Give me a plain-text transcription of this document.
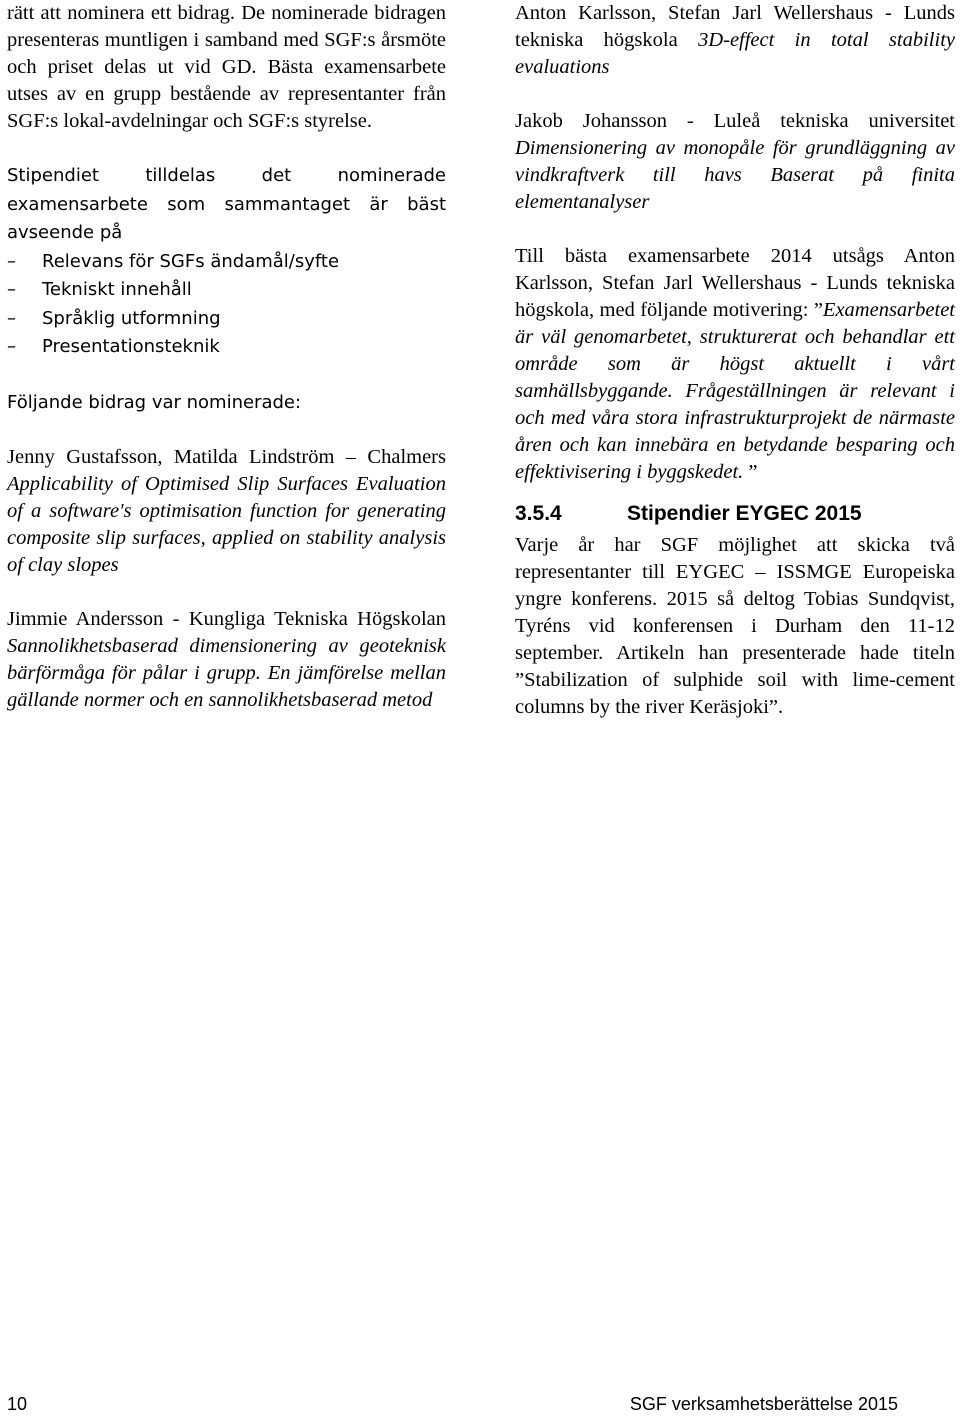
rätt att nominera ett bidrag. De nominerade bidragen presenteras muntligen i samband med SGF:s årsmöte och priset delas ut vid GD. Bästa examensarbete utses av en grupp bestående av representanter från SGF:s lokal-avdelningar och SGF:s styrelse.

Stipendiet tilldelas det nominerade examensarbete som sammantaget är bäst avseende på

– Relevans för SGFs ändamål/syfte
– Tekniskt innehåll
– Språklig utformning
– Presentationsteknik

Följande bidrag var nominerade:

Jenny Gustafsson, Matilda Lindström – Chalmers Applicability of Optimised Slip Surfaces Evaluation of a software's optimisation function for generating composite slip surfaces, applied on stability analysis of clay slopes

Jimmie Andersson - Kungliga Tekniska Högskolan Sannolikhetsbaserad dimensionering av geoteknisk bärförmåga för pålar i grupp. En jämförelse mellan gällande normer och en sannolikhetsbaserad metod

Anton Karlsson, Stefan Jarl Wellershaus - Lunds tekniska högskola 3D-effect in total stability evaluations

Jakob Johansson - Luleå tekniska universitet Dimensionering av monopåle för grundläggning av vindkraftverk till havs Baserat på finita elementanalyser

Till bästa examensarbete 2014 utsågs Anton Karlsson, Stefan Jarl Wellershaus - Lunds tekniska högskola, med följande motivering: ”Examensarbetet är väl genomarbetet, strukturerat och behandlar ett område som är högst aktuellt i vårt samhällsbyggande. Frågeställningen är relevant i och med våra stora infrastrukturprojekt de närmaste åren och kan innebära en betydande besparing och effektivisering i byggskedet. ”

3.5.4	Stipendier EYGEC 2015

Varje år har SGF möjlighet att skicka två representanter till EYGEC – ISSMGE Europeiska yngre konferens. 2015 så deltog Tobias Sundqvist, Tyréns vid konferensen i Durham den 11-12 september. Artikeln han presenterade hade titeln ”Stabilization of sulphide soil with lime-cement columns by the river Keräsjoki”.

10	SGF verksamhetsberättelse 2015
